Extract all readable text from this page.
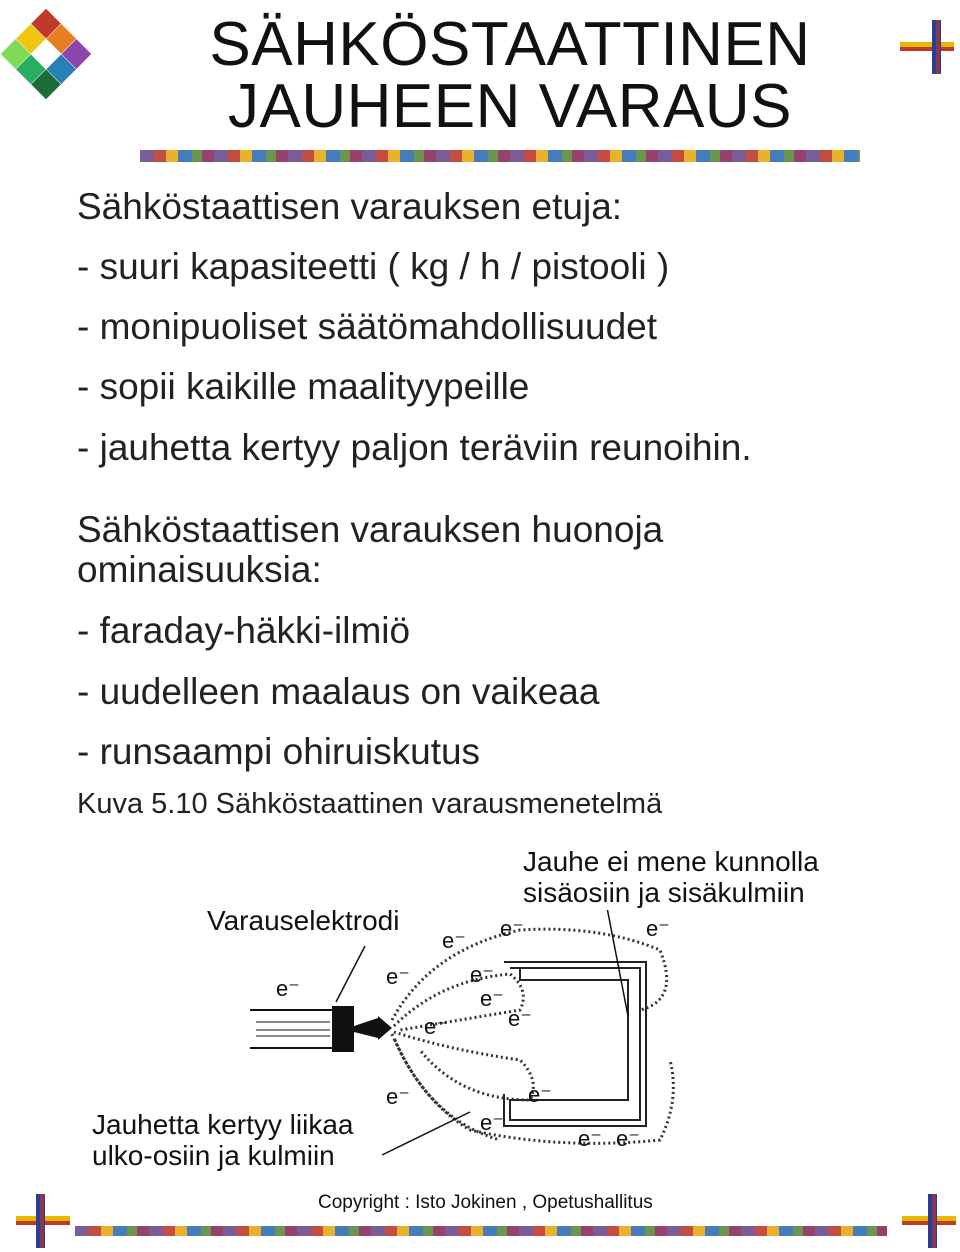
SÄHKÖSTAATTINEN
JAUHEEN VARAUS
Sähköstaattisen varauksen etuja:
- suuri kapasiteetti ( kg / h / pistooli )
- monipuoliset säätömahdollisuudet
- sopii kaikille maalityypeille
- jauhetta kertyy paljon teräviin reunoihin.
Sähköstaattisen varauksen huonoja
ominaisuuksia:
- faraday-häkki-ilmiö
- uudelleen maalaus on vaikeaa
- runsaampi ohiruiskutus
Kuva 5.10 Sähköstaattinen varausmenetelmä
Jauhe ei mene kunnolla
sisäosiin ja sisäkulmiin
Varauselektrodi
Jauhetta kertyy liikaa
ulko-osiin ja kulmiin
e⁻
e⁻ e⁻	e⁻
e⁻	e⁻
e⁻
e⁻	e⁻
e⁻	e⁻
e⁻
e⁻ e⁻
Copyright : Isto Jokinen , Opetushallitus
